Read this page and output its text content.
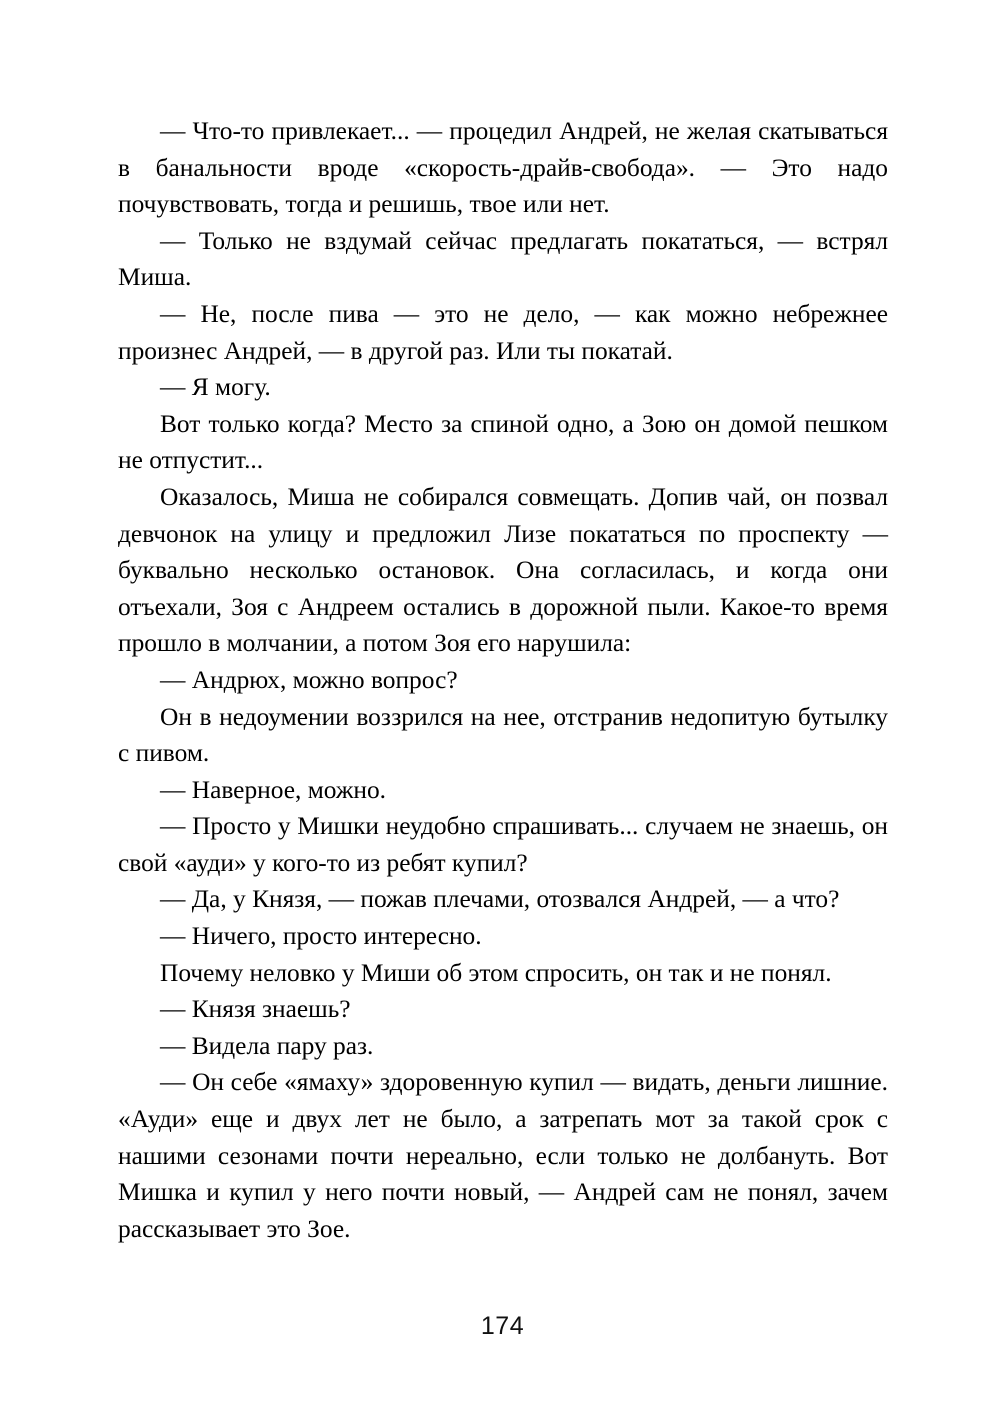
— Что-то привлекает... — процедил Андрей, не желая скатываться в банальности вроде «скорость-драйв-свобода». — Это надо почувствовать, тогда и решишь, твое или нет.

— Только не вздумай сейчас предлагать покататься, — встрял Миша.

— Не, после пива — это не дело, — как можно небрежнее произнес Андрей, — в другой раз. Или ты покатай.

— Я могу.

Вот только когда? Место за спиной одно, а Зою он домой пешком не отпустит...

Оказалось, Миша не собирался совмещать. Допив чай, он позвал девчонок на улицу и предложил Лизе покататься по проспекту — буквально несколько остановок. Она согласилась, и когда они отъехали, Зоя с Андреем остались в дорожной пыли. Какое-то время прошло в молчании, а потом Зоя его нарушила:

— Андрюх, можно вопрос?

Он в недоумении воззрился на нее, отстранив недопитую бутылку с пивом.

— Наверное, можно.

— Просто у Мишки неудобно спрашивать... случаем не знаешь, он свой «ауди» у кого-то из ребят купил?

— Да, у Князя, — пожав плечами, отозвался Андрей, — а что?

— Ничего, просто интересно.

Почему неловко у Миши об этом спросить, он так и не понял.

— Князя знаешь?

— Видела пару раз.

— Он себе «ямаху» здоровенную купил — видать, деньги лишние. «Ауди» еще и двух лет не было, а затрепать мот за такой срок с нашими сезонами почти нереально, если только не долбануть. Вот Мишка и купил у него почти новый, — Андрей сам не понял, зачем рассказывает это Зое.

174
